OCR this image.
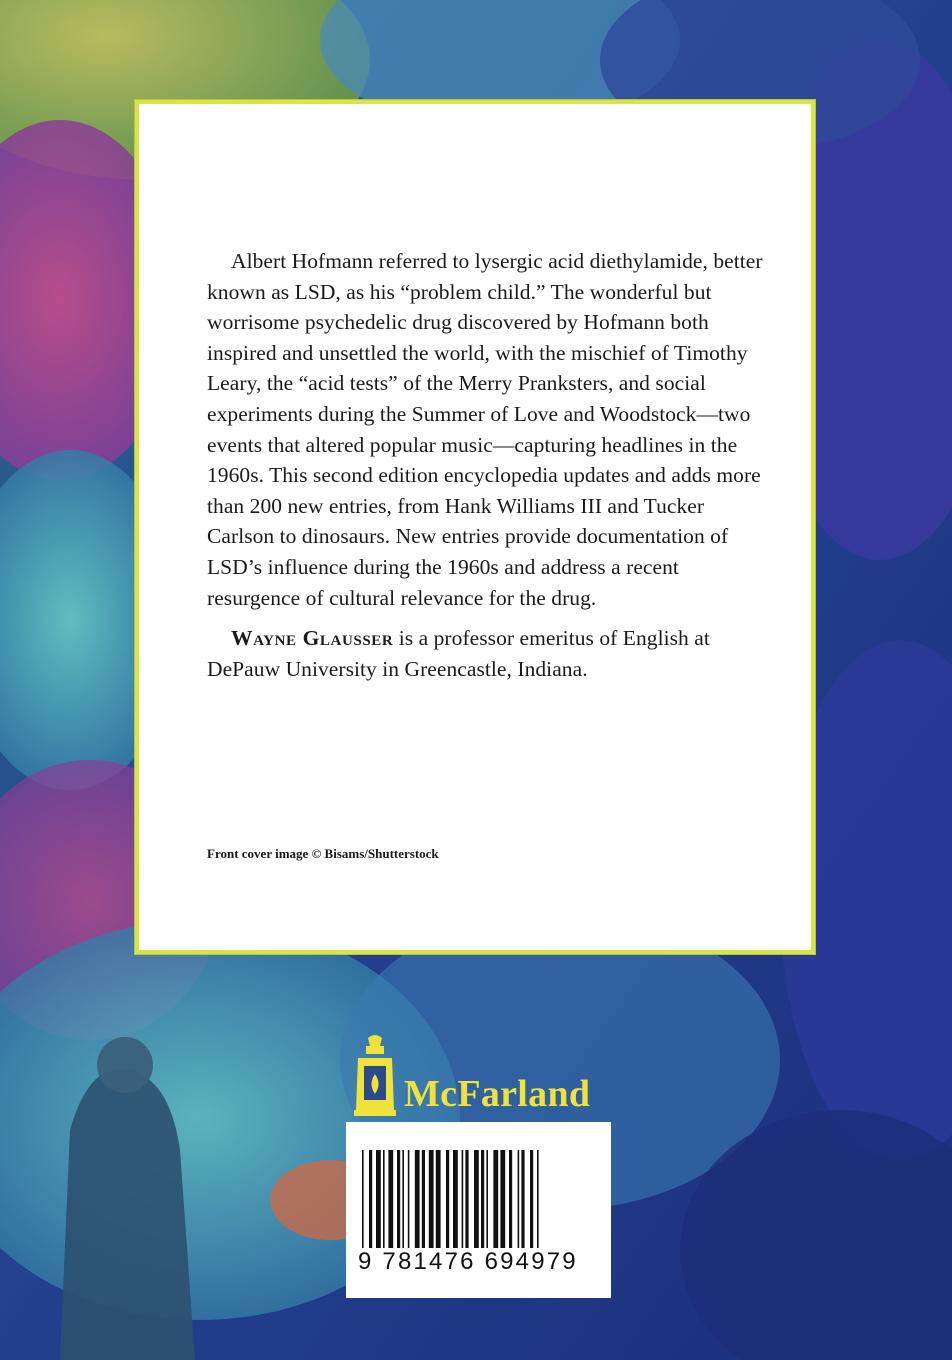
Albert Hofmann referred to lysergic acid diethylamide, better known as LSD, as his “problem child.” The wonderful but worrisome psychedelic drug discovered by Hofmann both inspired and unsettled the world, with the mischief of Timothy Leary, the “acid tests” of the Merry Pranksters, and social experiments during the Summer of Love and Woodstock—two events that altered popular music—capturing headlines in the 1960s. This second edition encyclopedia updates and adds more than 200 new entries, from Hank Williams III and Tucker Carlson to dinosaurs. New entries provide documentation of LSD’s influence during the 1960s and address a recent resurgence of cultural relevance for the drug.

Wayne Glausser is a professor emeritus of English at DePauw University in Greencastle, Indiana.

Front cover image © Bisams/Shutterstock
McFarland
9 781476 694979
